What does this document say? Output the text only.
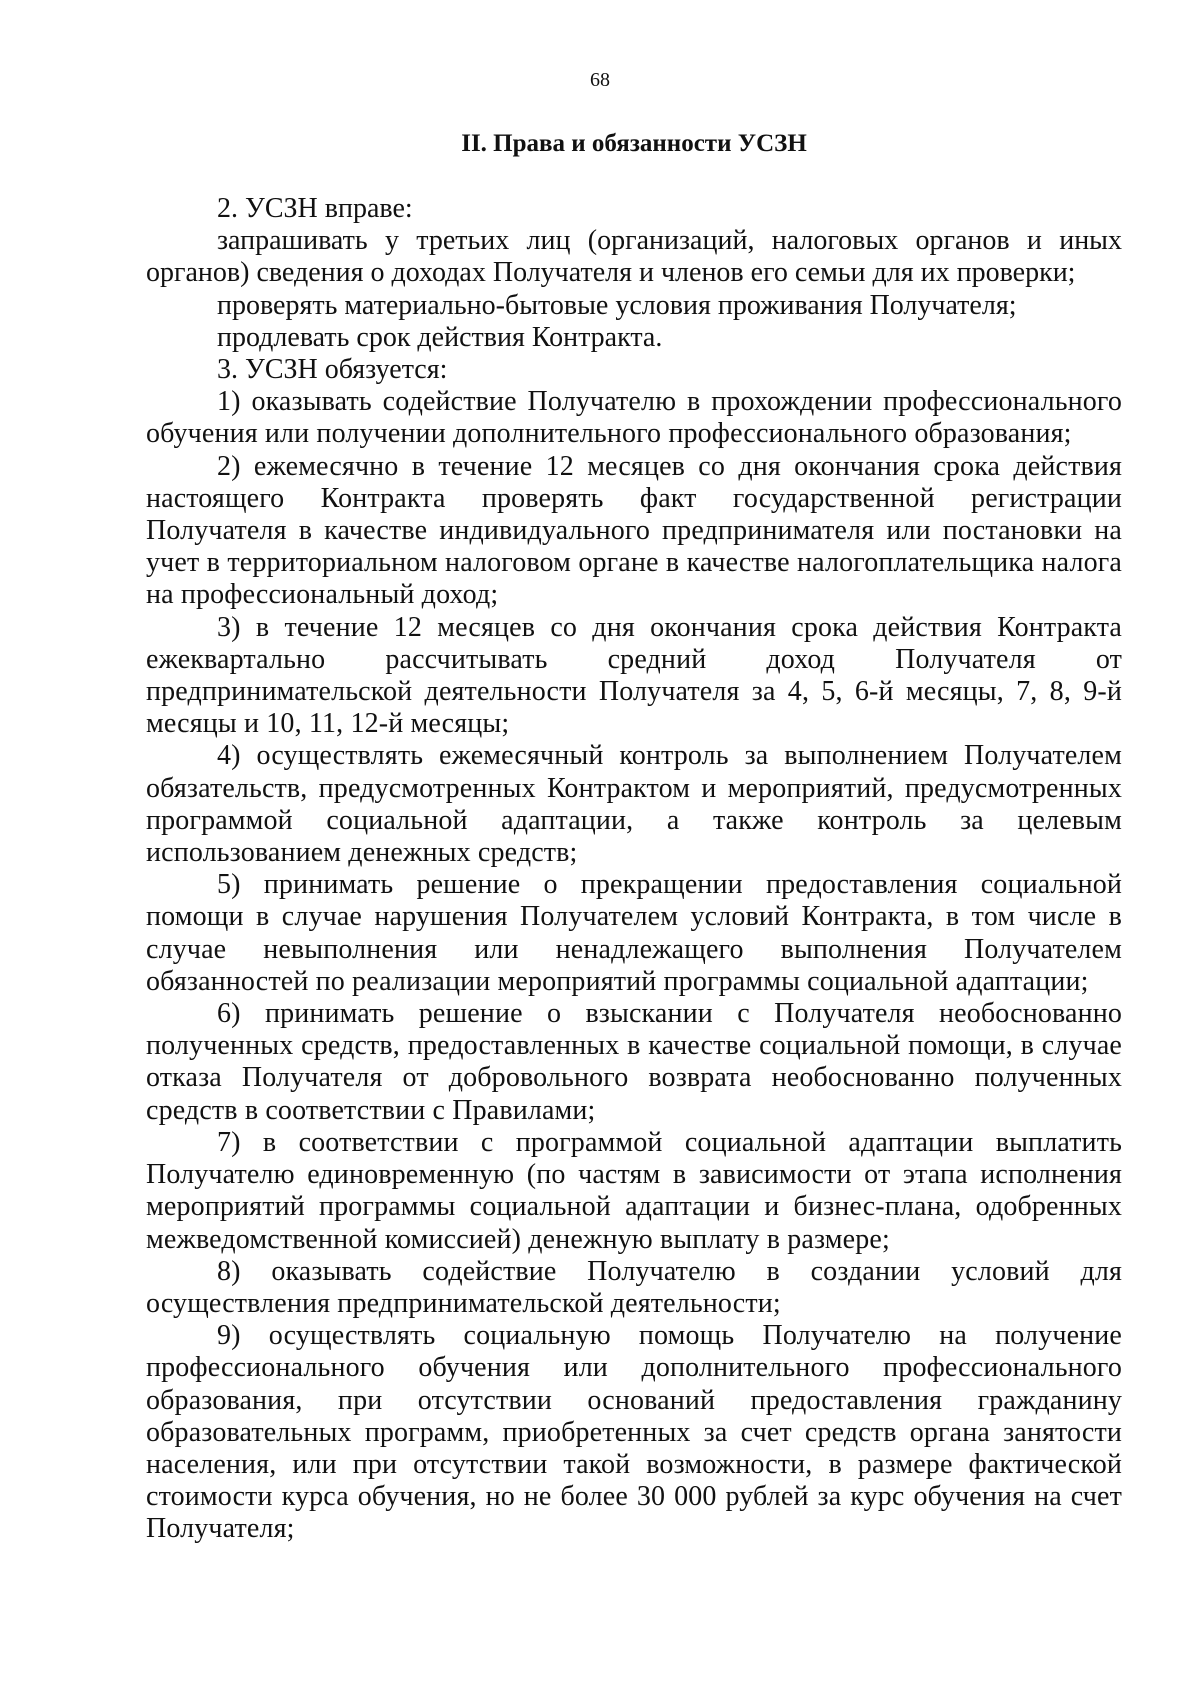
68
II. Права и обязанности УСЗН

2. УСЗН вправе:

запрашивать у третьих лиц (организаций, налоговых органов и иных органов) сведения о доходах Получателя и членов его семьи для их проверки;

проверять материально-бытовые условия проживания Получателя;

продлевать срок действия Контракта.

3. УСЗН обязуется:

1) оказывать содействие Получателю в прохождении профессионального обучения или получении дополнительного профессионального образования;

2) ежемесячно в течение 12 месяцев со дня окончания срока действия настоящего Контракта проверять факт государственной регистрации Получателя в качестве индивидуального предпринимателя или постановки на учет в территориальном налоговом органе в качестве налогоплательщика налога на профессиональный доход;

3) в течение 12 месяцев со дня окончания срока действия Контракта ежеквартально рассчитывать средний доход Получателя от предпринимательской деятельности Получателя за 4, 5, 6-й месяцы, 7, 8, 9-й месяцы и 10, 11, 12-й месяцы;

4) осуществлять ежемесячный контроль за выполнением Получателем обязательств, предусмотренных Контрактом и мероприятий, предусмотренных программой социальной адаптации, а также контроль за целевым использованием денежных средств;

5) принимать решение о прекращении предоставления социальной помощи в случае нарушения Получателем условий Контракта, в том числе в случае невыполнения или ненадлежащего выполнения Получателем обязанностей по реализации мероприятий программы социальной адаптации;

6) принимать решение о взыскании с Получателя необоснованно полученных средств, предоставленных в качестве социальной помощи, в случае отказа Получателя от добровольного возврата необоснованно полученных средств в соответствии с Правилами;

7) в соответствии с программой социальной адаптации выплатить Получателю единовременную (по частям в зависимости от этапа исполнения мероприятий программы социальной адаптации и бизнес-плана, одобренных межведомственной комиссией) денежную выплату в размере;

8) оказывать содействие Получателю в создании условий для осуществления предпринимательской деятельности;

9) осуществлять социальную помощь Получателю на получение профессионального обучения или дополнительного профессионального образования, при отсутствии оснований предоставления гражданину образовательных программ, приобретенных за счет средств органа занятости населения, или при отсутствии такой возможности, в размере фактической стоимости курса обучения, но не более 30 000 рублей за курс обучения на счет Получателя;
